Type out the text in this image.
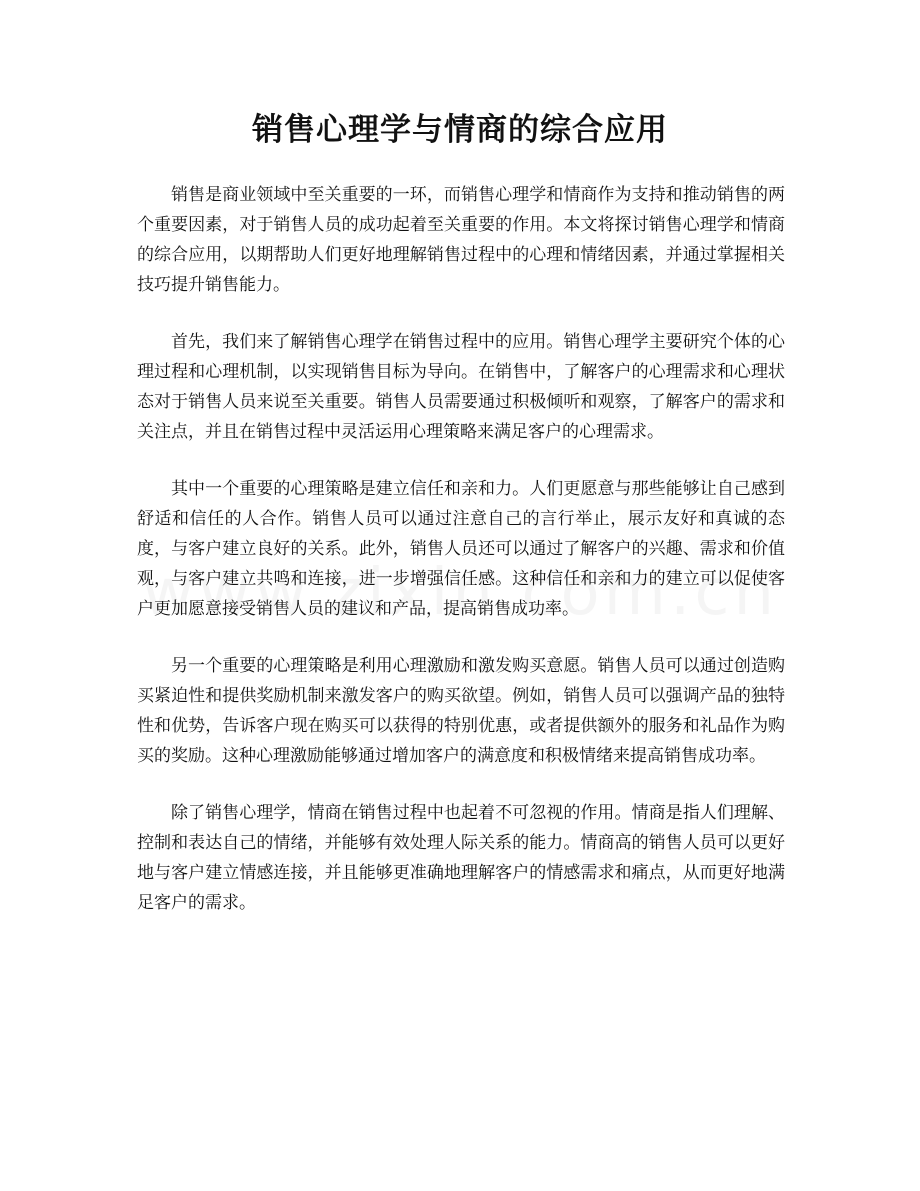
销售心理学与情商的综合应用

销售是商业领域中至关重要的一环，而销售心理学和情商作为支持和推动销售的两个重要因素，对于销售人员的成功起着至关重要的作用。本文将探讨销售心理学和情商的综合应用，以期帮助人们更好地理解销售过程中的心理和情绪因素，并通过掌握相关技巧提升销售能力。

首先，我们来了解销售心理学在销售过程中的应用。销售心理学主要研究个体的心理过程和心理机制，以实现销售目标为导向。在销售中，了解客户的心理需求和心理状态对于销售人员来说至关重要。销售人员需要通过积极倾听和观察，了解客户的需求和关注点，并且在销售过程中灵活运用心理策略来满足客户的心理需求。

其中一个重要的心理策略是建立信任和亲和力。人们更愿意与那些能够让自己感到舒适和信任的人合作。销售人员可以通过注意自己的言行举止，展示友好和真诚的态度，与客户建立良好的关系。此外，销售人员还可以通过了解客户的兴趣、需求和价值观，与客户建立共鸣和连接，进一步增强信任感。这种信任和亲和力的建立可以促使客户更加愿意接受销售人员的建议和产品，提高销售成功率。

另一个重要的心理策略是利用心理激励和激发购买意愿。销售人员可以通过创造购买紧迫性和提供奖励机制来激发客户的购买欲望。例如，销售人员可以强调产品的独特性和优势，告诉客户现在购买可以获得的特别优惠，或者提供额外的服务和礼品作为购买的奖励。这种心理激励能够通过增加客户的满意度和积极情绪来提高销售成功率。

除了销售心理学，情商在销售过程中也起着不可忽视的作用。情商是指人们理解、控制和表达自己的情绪，并能够有效处理人际关系的能力。情商高的销售人员可以更好地与客户建立情感连接，并且能够更准确地理解客户的情感需求和痛点，从而更好地满足客户的需求。
